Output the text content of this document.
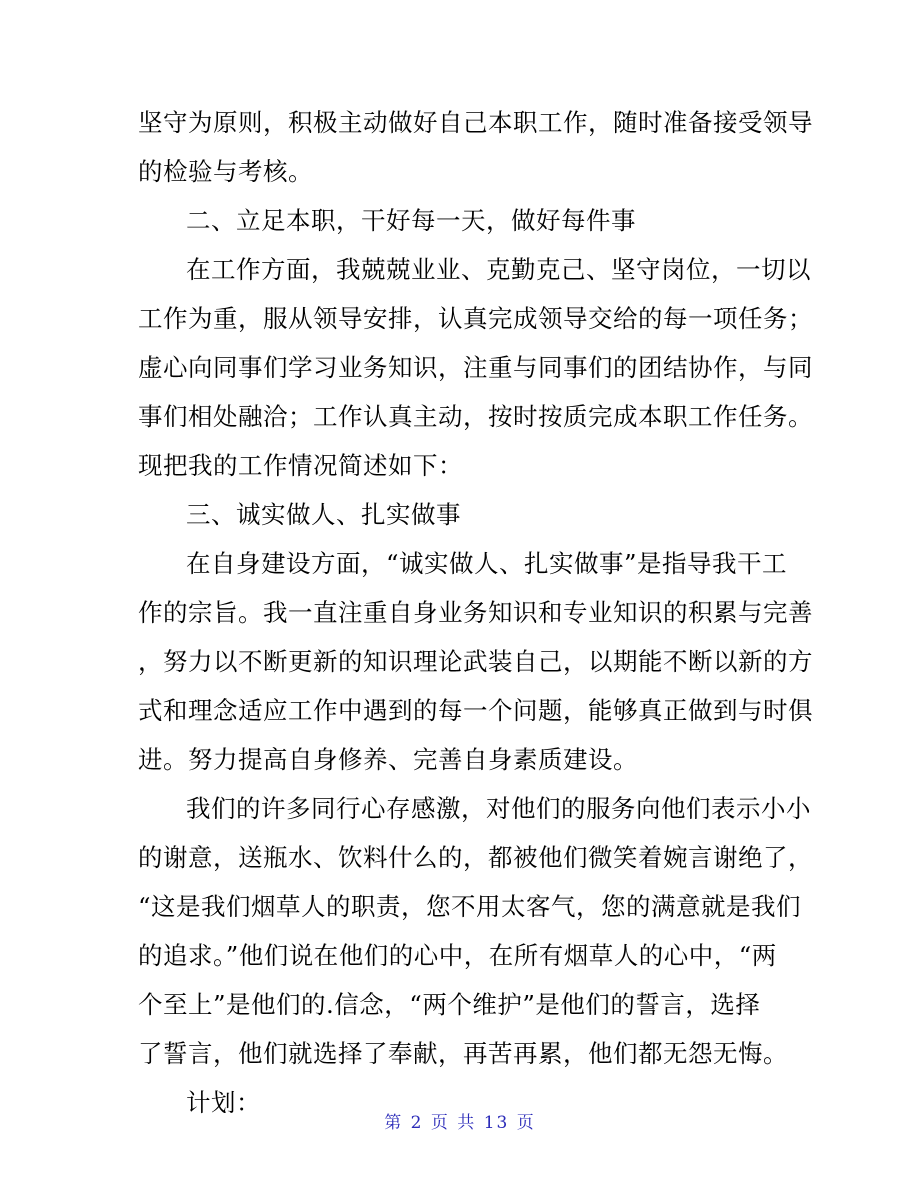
坚守为原则，积极主动做好自己本职工作，随时准备接受领导
的检验与考核。
二、立足本职，干好每一天，做好每件事
在工作方面，我兢兢业业、克勤克己、坚守岗位，一切以
工作为重，服从领导安排，认真完成领导交给的每一项任务；
虚心向同事们学习业务知识，注重与同事们的团结协作，与同
事们相处融洽；工作认真主动，按时按质完成本职工作任务。
现把我的工作情况简述如下：
三、诚实做人、扎实做事
在自身建设方面，“诚实做人、扎实做事”是指导我干工
作的宗旨。我一直注重自身业务知识和专业知识的积累与完善
，努力以不断更新的知识理论武装自己，以期能不断以新的方
式和理念适应工作中遇到的每一个问题，能够真正做到与时俱
进。努力提高自身修养、完善自身素质建设。
我们的许多同行心存感激，对他们的服务向他们表示小小
的谢意，送瓶水、饮料什么的，都被他们微笑着婉言谢绝了，
“这是我们烟草人的职责，您不用太客气，您的满意就是我们
的追求。”他们说在他们的心中，在所有烟草人的心中，“两
个至上”是他们的.信念，“两个维护”是他们的誓言，选择
了誓言，他们就选择了奉献，再苦再累，他们都无怨无悔。
计划：
第 2 页 共 13 页
